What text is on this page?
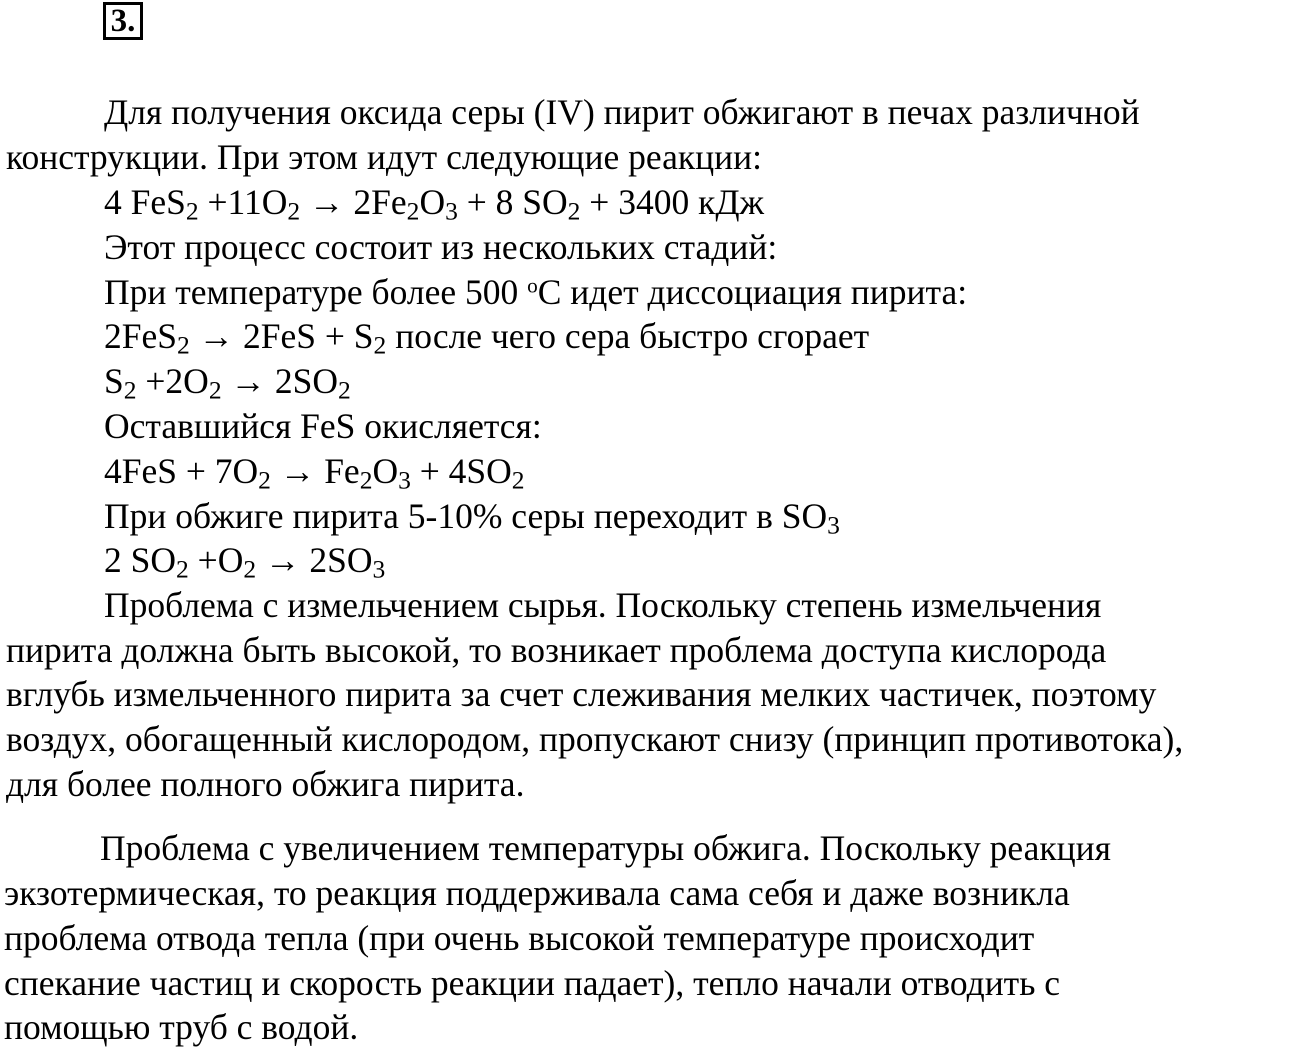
3.
Для получения оксида серы (IV) пирит обжигают в печах различной
конструкции. При этом идут следующие реакции:
4 $FeS_2 +11O_2 \to 2Fe_2O_3 + 8$ $SO_2 + 3400$ кДж
Этот процесс состоит из нескольких стадий:
При температуре более 500 $^o$C идет диссоциация пирита:
$2FeS_2 \to 2FeS + S_2$ после чего сера быстро сгорает
$S_2 +2O_2 \to 2SO_2$
Оставшийся FeS окисляется:
$4FeS + 7O_2 \to Fe_2O_3 + 4SO_2$
При обжиге пирита 5-10% серы переходит в $SO_3$
2 $SO_2 +O_2 \to 2SO_3$
Проблема с измельчением сырья. Поскольку степень измельчения
пирита должна быть высокой, то возникает проблема доступа кислорода
вглубь измельченного пирита за счет слеживания мелких частичек, поэтому
воздух, обогащенный кислородом, пропускают снизу (принцип противотока),
для более полного обжига пирита.
Проблема с увеличением температуры обжига. Поскольку реакция
экзотермическая, то реакция поддерживала сама себя и даже возникла
проблема отвода тепла (при очень высокой температуре происходит
спекание частиц и скорость реакции падает), тепло начали отводить с
помощью труб с водой.
